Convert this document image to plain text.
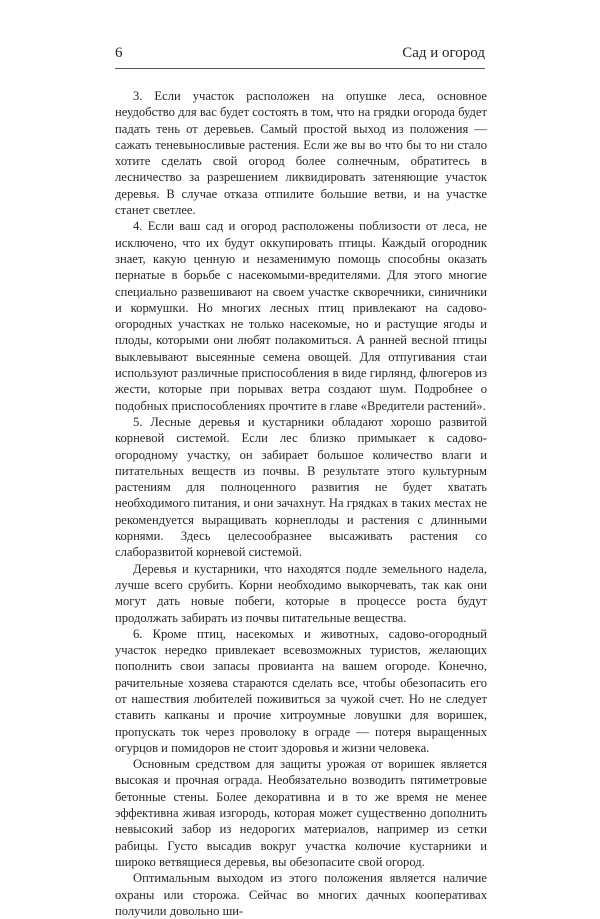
6	Сад и огород

3. Если участок расположен на опушке леса, основное неудобство для вас будет состоять в том, что на грядки огорода будет падать тень от деревьев. Самый простой выход из положения — сажать теневыносливые растения. Если же вы во что бы то ни стало хотите сделать свой огород более солнечным, обратитесь в лесничество за разрешением ликвидировать затеняющие участок деревья. В случае отказа отпилите большие ветви, и на участке станет светлее.

4. Если ваш сад и огород расположены поблизости от леса, не исключено, что их будут оккупировать птицы. Каждый огородник знает, какую ценную и незаменимую помощь способны оказать пернатые в борьбе с насекомыми-вредителями. Для этого многие специально развешивают на своем участке скворечники, синичники и кормушки. Но многих лесных птиц привлекают на садово-огородных участках не только насекомые, но и растущие ягоды и плоды, которыми они любят полакомиться. А ранней весной птицы выклевывают высеянные семена овощей. Для отпугивания стаи используют различные приспособления в виде гирлянд, флюгеров из жести, которые при порывах ветра создают шум. Подробнее о подобных приспособлениях прочтите в главе «Вредители растений».

5. Лесные деревья и кустарники обладают хорошо развитой корневой системой. Если лес близко примыкает к садово-огородному участку, он забирает большое количество влаги и питательных веществ из почвы. В результате этого культурным растениям для полноценного развития не будет хватать необходимого питания, и они зачахнут. На грядках в таких местах не рекомендуется выращивать корнеплоды и растения с длинными корнями. Здесь целесообразнее высаживать растения со слаборазвитой корневой системой.

Деревья и кустарники, что находятся подле земельного надела, лучше всего срубить. Корни необходимо выкорчевать, так как они могут дать новые побеги, которые в процессе роста будут продолжать забирать из почвы питательные вещества.

6. Кроме птиц, насекомых и животных, садово-огородный участок нередко привлекает всевозможных туристов, желающих пополнить свои запасы провианта на вашем огороде. Конечно, рачительные хозяева стараются сделать все, чтобы обезопасить его от нашествия любителей поживиться за чужой счет. Но не следует ставить капканы и прочие хитроумные ловушки для воришек, пропускать ток через проволоку в ограде — потеря выращенных огурцов и помидоров не стоит здоровья и жизни человека.

Основным средством для защиты урожая от воришек является высокая и прочная ограда. Необязательно возводить пятиметровые бетонные стены. Более декоративна и в то же время не менее эффективна живая изгородь, которая может существенно дополнить невысокий забор из недорогих материалов, например из сетки рабицы. Густо высадив вокруг участка колючие кустарники и широко ветвящиеся деревья, вы обезопасите свой огород.

Оптимальным выходом из этого положения является наличие охраны или сторожа. Сейчас во многих дачных кооперативах получили довольно ши-
